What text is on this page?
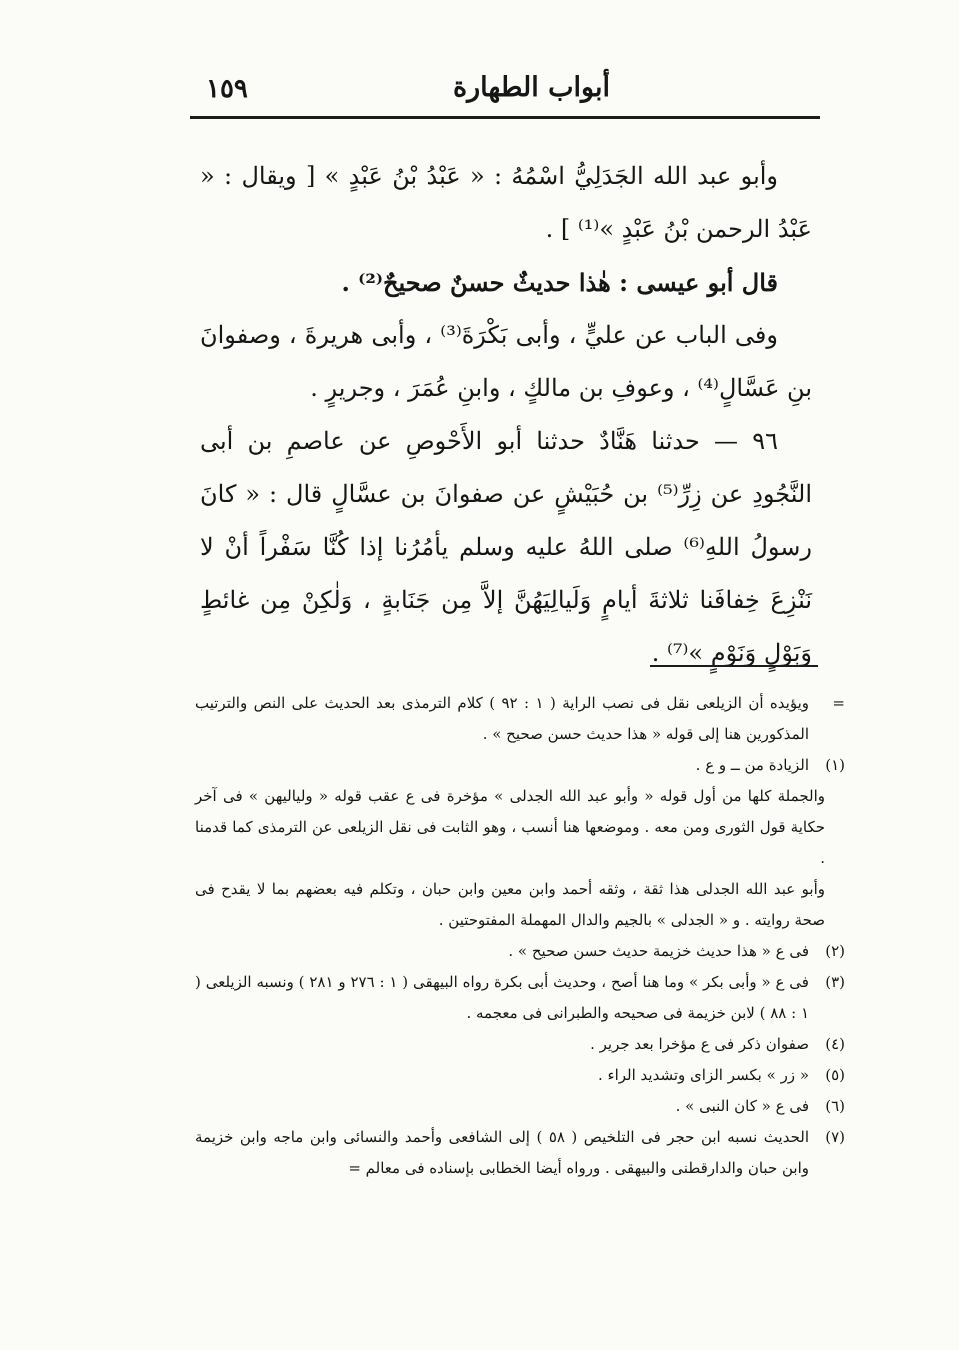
أبواب الطهارة
١٥٩

وأبو عبد الله الجَدَلِيُّ اسْمُهُ : « عَبْدُ بْنُ عَبْدٍ » [ ويقال : « عَبْدُ الرحمن بْنُ عَبْدٍ »⁽¹⁾ ] .

قال أبو عيسى : هٰذا حديثٌ حسنٌ صحيحٌ⁽²⁾ .

وفى الباب عن عليٍّ ، وأبى بَكْرَةَ⁽³⁾ ، وأبى هريرةَ ، وصفوانَ بنِ عَسَّالٍ⁽⁴⁾ ، وعوفِ بن مالكٍ ، وابنِ عُمَرَ ، وجريرٍ .

٩٦ — حدثنا هَنَّادٌ حدثنا أبو الأَحْوصِ عن عاصمِ بن أبى النَّجُودِ عن زِرِّ⁽⁵⁾ بن حُبَيْشٍ عن صفوانَ بن عسَّالٍ قال : « كانَ رسولُ اللهِ⁽⁶⁾ صلى اللهُ عليه وسلم يأمُرُنا إذا كُنَّا سَفْراً أنْ لا نَنْزِعَ خِفافَنا ثلاثةَ أيامٍ وَلَيالِيَهُنَّ إلاَّ مِن جَنَابةٍ ، وَلٰكِنْ مِن غائطٍ وَبَوْلٍ وَنَوْمٍ »⁽⁷⁾ .

=
ويؤيده أن الزيلعى نقل فى نصب الراية ( ١ : ٩٢ ) كلام الترمذى بعد الحديث على النص والترتيب المذكورين هنا إلى قوله « هذا حديث حسن صحيح » .
(١)
الزيادة من ــ و ع .

والجملة كلها من أول قوله « وأبو عبد الله الجدلى » مؤخرة فى ع عقب قوله « ولياليهن » فى آخر حكاية قول الثورى ومن معه . وموضعها هنا أنسب ، وهو الثابت فى نقل الزيلعى عن الترمذى كما قدمنا .

وأبو عبد الله الجدلى هذا ثقة ، وثقه أحمد وابن معين وابن حبان ، وتكلم فيه بعضهم بما لا يقدح فى صحة روايته . و « الجدلى » بالجيم والدال المهملة المفتوحتين .

(٢)
فى ع « هذا حديث خزيمة حديث حسن صحيح » .
(٣)
فى ع « وأبى بكر » وما هنا أصح ، وحديث أبى بكرة رواه البيهقى ( ١ : ٢٧٦ و ٢٨١ ) ونسبه الزيلعى ( ١ : ٨٨ ) لابن خزيمة فى صحيحه والطبرانى فى معجمه .
(٤)
صفوان ذكر فى ع مؤخرا بعد جرير .
(٥)
« زر » بكسر الزاى وتشديد الراء .
(٦)
فى ع « كان النبى » .
(٧)
الحديث نسبه ابن حجر فى التلخيص ( ٥٨ ) إلى الشافعى وأحمد والنسائى وابن ماجه وابن خزيمة وابن حبان والدارقطنى والبيهقى . ورواه أيضا الخطابى بإسناده فى معالم =
